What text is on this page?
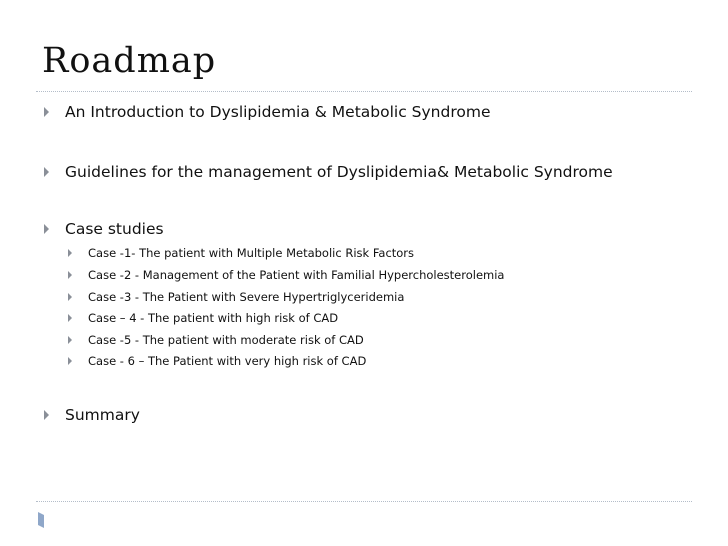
Roadmap
An Introduction to Dyslipidemia & Metabolic Syndrome
Guidelines for the management of Dyslipidemia& Metabolic Syndrome
Case studies
Case -1- The patient with Multiple Metabolic Risk Factors
Case -2 - Management of the Patient with Familial Hypercholesterolemia
Case -3 - The Patient with Severe Hypertriglyceridemia
Case – 4 - The patient with high risk of CAD
Case -5 - The patient with moderate risk of CAD
Case - 6 – The Patient with very high risk of CAD
Summary
